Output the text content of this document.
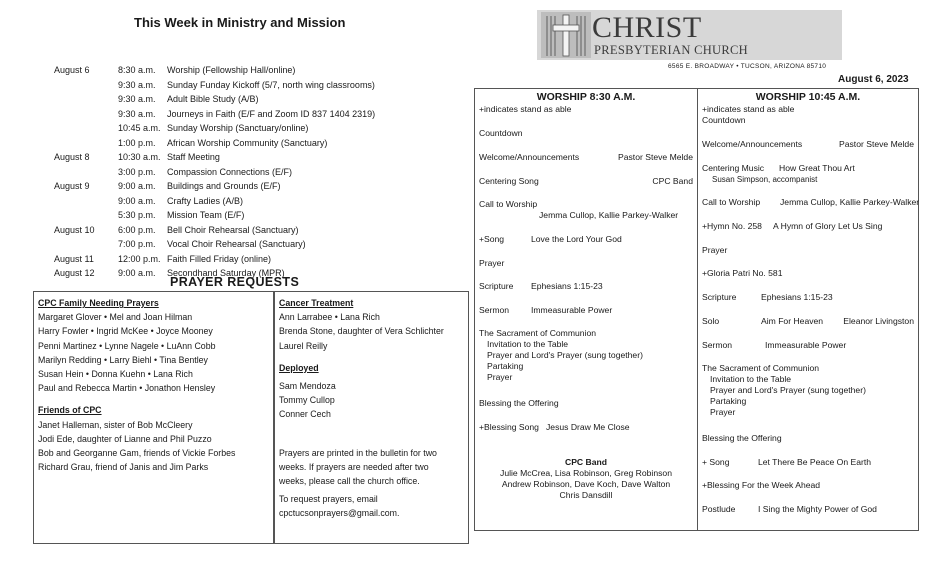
This Week in Ministry and Mission
August 6	8:30 a.m.	Worship (Fellowship Hall/online)
9:30 a.m.	Sunday Funday Kickoff (5/7, north wing classrooms)
9:30 a.m.	Adult Bible Study (A/B)
9:30 a.m.	Journeys in Faith (E/F and Zoom ID 837 1404 2319)
10:45 a.m. Sunday Worship (Sanctuary/online)
1:00 p.m.	African Worship Community (Sanctuary)
August 8	10:30 a.m. Staff Meeting
3:00 p.m.	Compassion Connections (E/F)
August 9	9:00 a.m.	Buildings and Grounds (E/F)
9:00 a.m.	Crafty Ladies (A/B)
5:30 p.m.	Mission Team (E/F)
August 10	6:00 p.m.	Bell Choir Rehearsal (Sanctuary)
7:00 p.m.	Vocal Choir Rehearsal (Sanctuary)
August 11	12:00 p.m. Faith Filled Friday (online)
August 12	9:00 a.m.	Secondhand Saturday (MPR)
PRAYER REQUESTS
CPC Family Needing Prayers
Margaret Glover • Mel and Joan Hilman
Harry Fowler • Ingrid McKee • Joyce Mooney
Penni Martinez • Lynne Nagele • LuAnn Cobb
Marilyn Redding • Larry Biehl • Tina Bentley
Susan Hein • Donna Kuehn • Lana Rich
Paul and Rebecca Martin • Jonathon Hensley
Friends of CPC
Janet Halleman, sister of Bob McCleery
Jodi Ede, daughter of Lianne and Phil Puzzo
Bob and Georganne Gam, friends of Vickie Forbes
Richard Grau, friend of Janis and Jim Parks
Cancer Treatment
Ann Larrabee • Lana Rich
Brenda Stone, daughter of Vera Schlichter
Laurel Reilly
Deployed
Sam Mendoza
Tommy Cullop
Conner Cech
Prayers are printed in the bulletin for two
weeks. If prayers are needed after two
weeks, please call the church office.
To request prayers, email
cpctucsonprayers@gmail.com.
CHRIST
PRESBYTERIAN CHURCH
6565 E. BROADWAY • TUCSON, ARIZONA 85710
August 6, 2023
WORSHIP 8:30 A.M.
+indicates stand as able
Countdown
Welcome/Announcements	Pastor Steve Melde
Centering Song	CPC Band
Call to Worship
Jemma Cullop, Kallie Parkey-Walker
+Song	Love the Lord Your God
Prayer
Scripture Ephesians 1:15-23
Sermon	Immeasurable Power
The Sacrament of Communion
Invitation to the Table
Prayer and Lord's Prayer (sung together)
Partaking
Prayer
Blessing the Offering
+Blessing Song Jesus Draw Me Close
CPC Band
Julie McCrea, Lisa Robinson, Greg Robinson
Andrew Robinson, Dave Koch, Dave Walton
Chris Dansdill
WORSHIP 10:45 A.M.
+indicates stand as able
Countdown
Welcome/Announcements	Pastor Steve Melde
Centering Music How Great Thou Art
Susan Simpson, accompanist
Call to Worship Jemma Cullop, Kallie Parkey-Walker
+Hymn No. 258 A Hymn of Glory Let Us Sing
Prayer
+Gloria Patri No. 581
Scripture	Ephesians 1:15-23
Solo	Aim For Heaven Eleanor Livingston
Sermon	Immeasurable Power
The Sacrament of Communion
Invitation to the Table
Prayer and Lord's Prayer (sung together)
Partaking
Prayer
Blessing the Offering
+ Song	Let There Be Peace On Earth
+Blessing For the Week Ahead
Postlude	I Sing the Mighty Power of God
